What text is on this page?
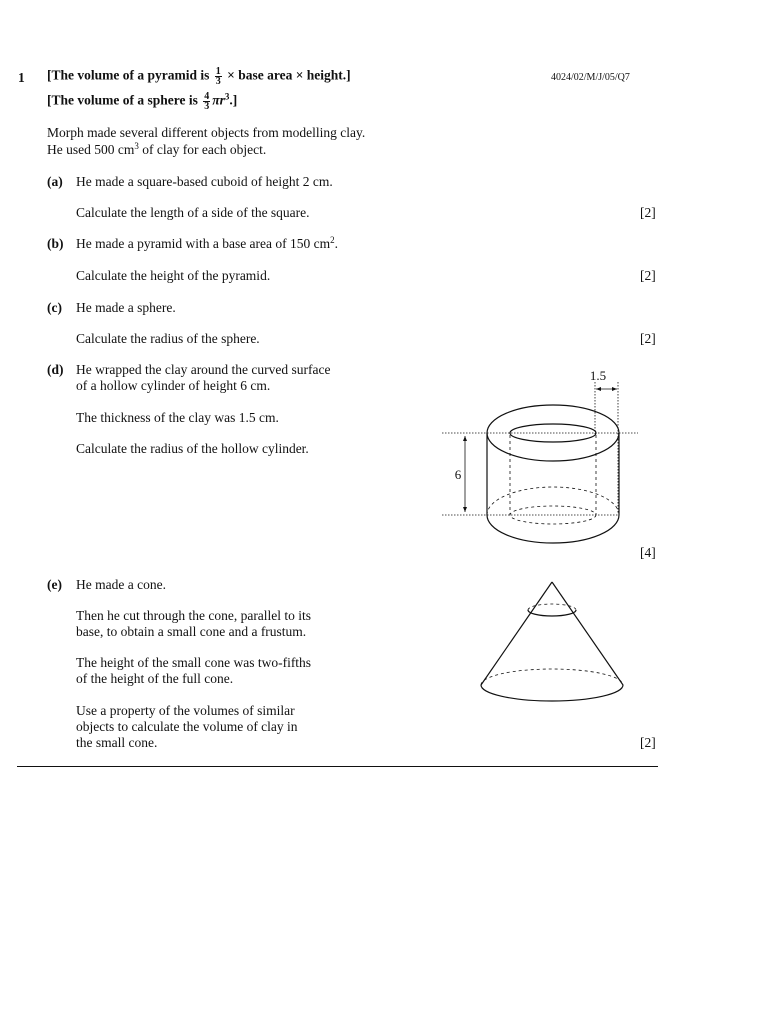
1 [The volume of a pyramid is $\frac{1}{3}$ × base area × height.]	4024/02/M/J/05/Q7
[The volume of a sphere is $\frac{4}{3} \pi r^3$.]
Morph made several different objects from modelling clay.
He used 500 $cm^3$ of clay for each object.
(a) He made a square-based cuboid of height 2 cm.
Calculate the length of a side of the square.	[2]
(b) He made a pyramid with a base area of 150 $cm^2$.
Calculate the height of the pyramid.	[2]
(c) He made a sphere.
Calculate the radius of the sphere.	[2]
(d) He wrapped the clay around the curved surface
of a hollow cylinder of height 6 cm.
The thickness of the clay was 1.5 cm.
Calculate the radius of the hollow cylinder.
[4]
1.5
6
(e) He made a cone.
Then he cut through the cone, parallel to its
base, to obtain a small cone and a frustum.
The height of the small cone was two-fifths
of the height of the full cone.
Use a property of the volumes of similar
objects to calculate the volume of clay in
the small cone.	[2]
